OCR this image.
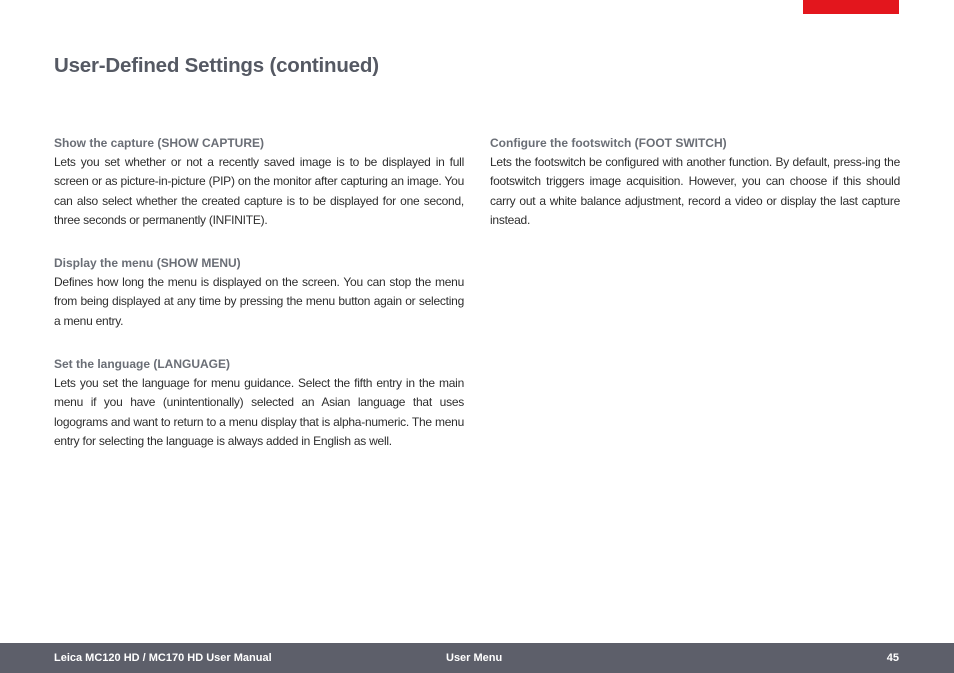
User-Defined Settings (continued)

Show the capture (SHOW CAPTURE)

Lets you set whether or not a recently saved image is to be displayed in full screen or as picture-in-picture (PIP) on the monitor after capturing an image. You can also select whether the created capture is to be displayed for one second, three seconds or permanently (INFINITE).

Display the menu (SHOW MENU)

Defines how long the menu is displayed on the screen. You can stop the menu from being displayed at any time by pressing the menu button again or selecting a menu entry.

Set the language (LANGUAGE)

Lets you set the language for menu guidance. Select the fifth entry in the main menu if you have (unintentionally) selected an Asian language that uses logograms and want to return to a menu display that is alpha-numeric. The menu entry for selecting the language is always added in English as well.

Configure the footswitch (FOOT SWITCH)

Lets the footswitch be configured with another function. By default, press-ing the footswitch triggers image acquisition. However, you can choose if this should carry out a white balance adjustment, record a video or display the last capture instead.

Leica MC120 HD / MC170 HD User Manual	User Menu	45
